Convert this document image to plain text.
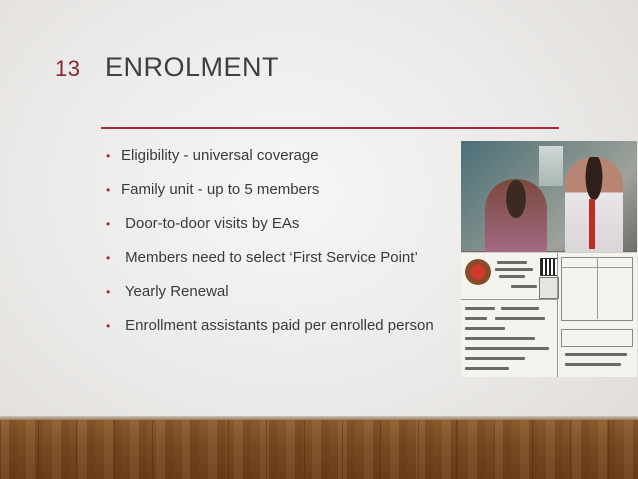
13 ENROLMENT
• Eligibility - universal coverage
• Family unit - up to 5 members
• Door-to-door visits by EAs
• Members need to select ‘First Service Point’
• Yearly Renewal
• Enrollment assistants paid per enrolled person
